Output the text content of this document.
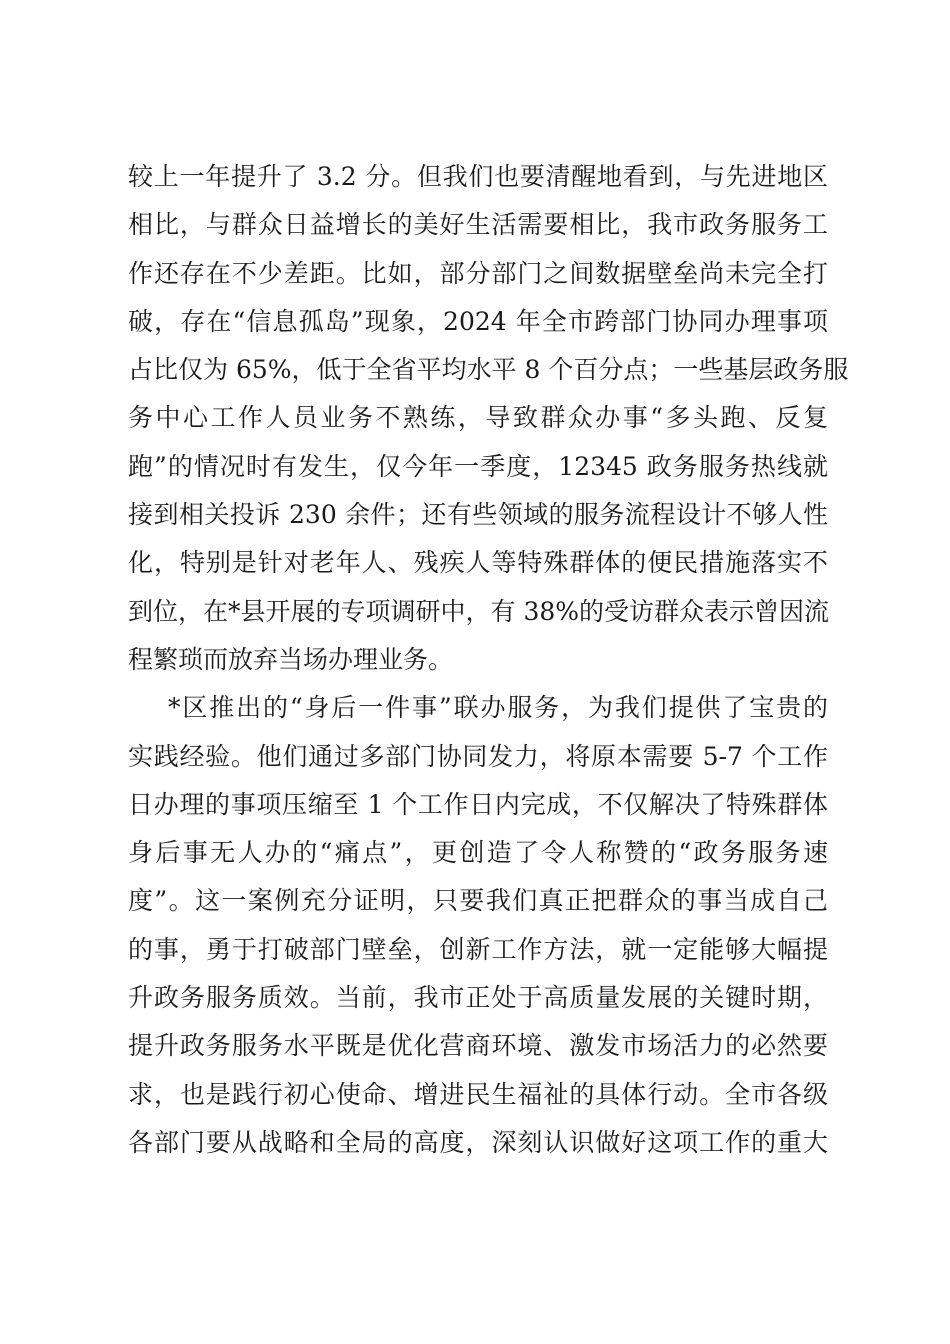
较上一年提升了 3.2 分。但我们也要清醒地看到，与先进地区
相比，与群众日益增长的美好生活需要相比，我市政务服务工
作还存在不少差距。比如，部分部门之间数据壁垒尚未完全打
破，存在“信息孤岛”现象，2024 年全市跨部门协同办理事项
占比仅为 65%，低于全省平均水平 8 个百分点；一些基层政务服
务中心工作人员业务不熟练，导致群众办事“多头跑、反复
跑”的情况时有发生，仅今年一季度，12345 政务服务热线就
接到相关投诉 230 余件；还有些领域的服务流程设计不够人性
化，特别是针对老年人、残疾人等特殊群体的便民措施落实不
到位，在*县开展的专项调研中，有 38%的受访群众表示曾因流
程繁琐而放弃当场办理业务。
*区推出的“身后一件事”联办服务，为我们提供了宝贵的
实践经验。他们通过多部门协同发力，将原本需要 5-7 个工作
日办理的事项压缩至 1 个工作日内完成，不仅解决了特殊群体
身后事无人办的“痛点”，更创造了令人称赞的“政务服务速
度”。这一案例充分证明，只要我们真正把群众的事当成自己
的事，勇于打破部门壁垒，创新工作方法，就一定能够大幅提
升政务服务质效。当前，我市正处于高质量发展的关键时期，
提升政务服务水平既是优化营商环境、激发市场活力的必然要
求，也是践行初心使命、增进民生福祉的具体行动。全市各级
各部门要从战略和全局的高度，深刻认识做好这项工作的重大
